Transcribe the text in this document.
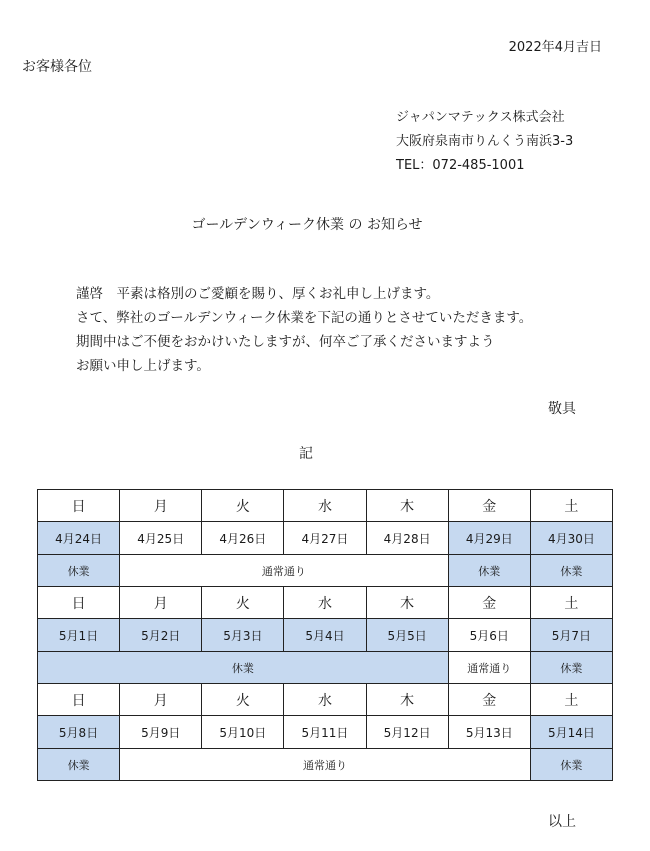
2022年4月吉日
お客様各位
ジャパンマテックス株式会社
大阪府泉南市りんくう南浜3-3
TEL：072-485-1001
ゴールデンウィーク休業 の お知らせ
謹啓　平素は格別のご愛顧を賜り、厚くお礼申し上げます。
さて、弊社のゴールデンウィーク休業を下記の通りとさせていただきます。
期間中はご不便をおかけいたしますが、何卒ご了承くださいますよう
お願い申し上げます。
敬具
記
日	月	火	水	木	金	土
4月24日	4月25日	4月26日	4月27日	4月28日	4月29日	4月30日
休業	通常通り				休業	休業
日	月	火	水	木	金	土
5月1日	5月2日	5月3日	5月4日	5月5日	5月6日	5月7日
休業					通常通り	休業
日	月	火	水	木	金	土
5月8日	5月9日	5月10日	5月11日	5月12日	5月13日	5月14日
休業	通常通り					休業
以上
